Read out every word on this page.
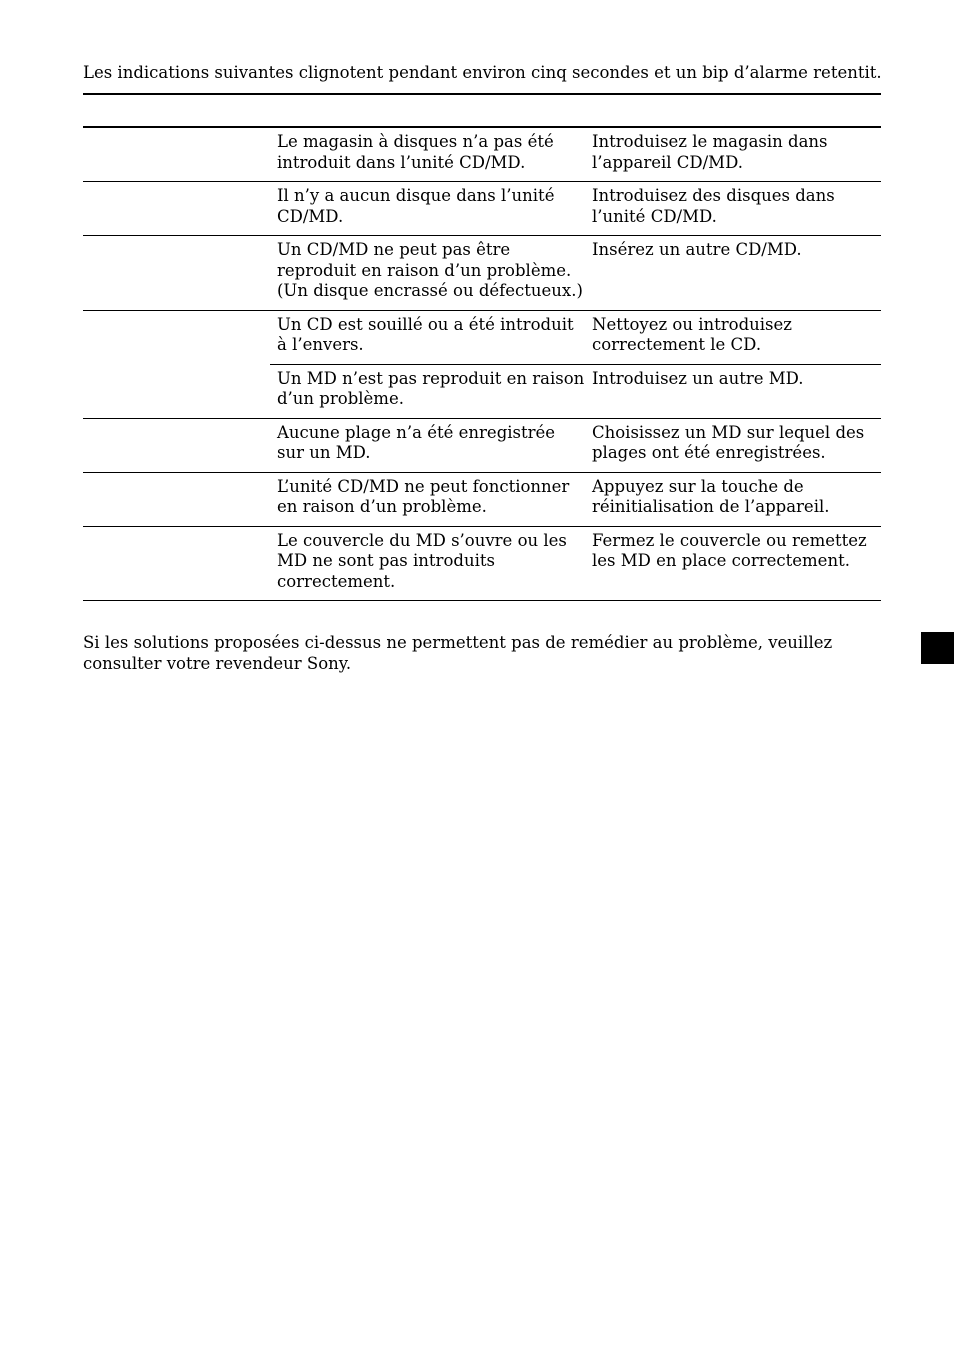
Les indications suivantes clignotent pendant environ cinq secondes et un bip d’alarme retentit.
	Le magasin à disques n’a pas été introduit dans l’unité CD/MD.	Introduisez le magasin dans l’appareil CD/MD.
	Il n’y a aucun disque dans l’unité CD/MD.	Introduisez des disques dans l’unité CD/MD.
	Un CD/MD ne peut pas être reproduit en raison d’un problème. (Un disque encrassé ou défectueux.)	Insérez un autre CD/MD.
	Un CD est souillé ou a été introduit à l’envers.	Nettoyez ou introduisez correctement le CD.
	Un MD n’est pas reproduit en raison d’un problème.	Introduisez un autre MD.
	Aucune plage n’a été enregistrée sur un MD.	Choisissez un MD sur lequel des plages ont été enregistrées.
	L’unité CD/MD ne peut fonctionner en raison d’un problème.	Appuyez sur la touche de réinitialisation de l’appareil.
	Le couvercle du MD s’ouvre ou les MD ne sont pas introduits correctement.	Fermez le couvercle ou remettez les MD en place correctement.
Si les solutions proposées ci-dessus ne permettent pas de remédier au problème, veuillez consulter votre revendeur Sony.
